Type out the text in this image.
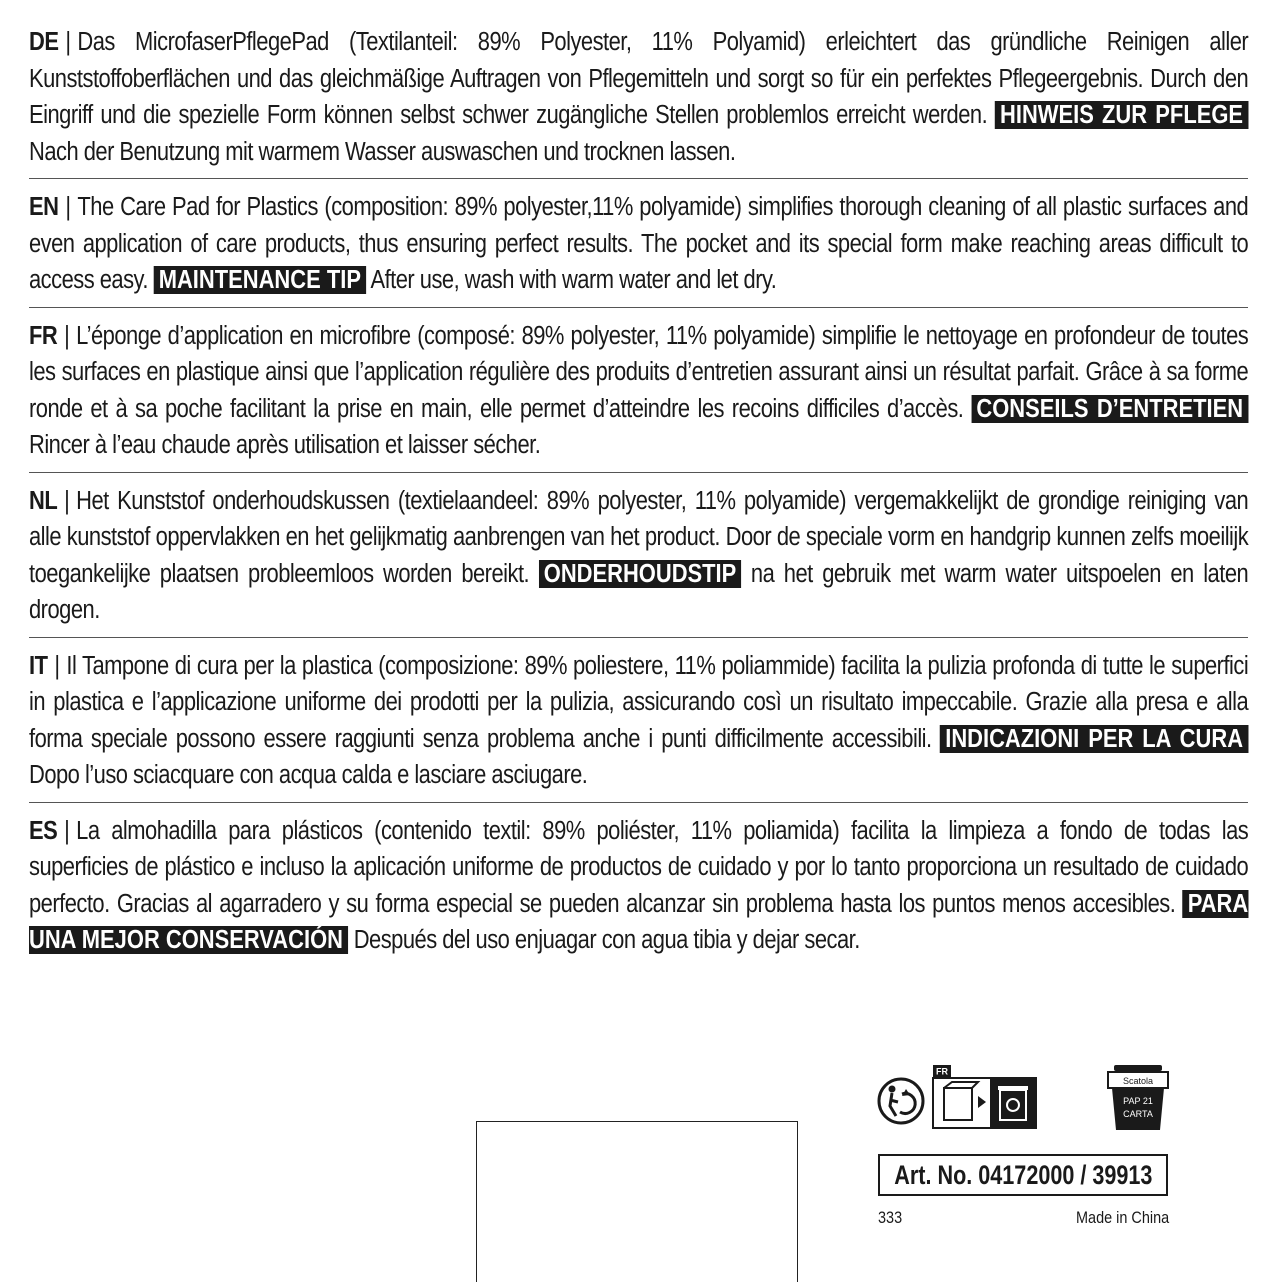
DE | Das MicrofaserPflegePad (Textilanteil: 89% Polyester, 11% Polyamid) erleichtert das gründliche Reinigen aller Kunststoffoberflächen und das gleichmäßige Auftragen von Pflegemitteln und sorgt so für ein perfektes Pflegeergebnis. Durch den Eingriff und die spezielle Form können selbst schwer zugängliche Stellen problemlos erreicht werden. HINWEIS ZUR PFLEGE Nach der Benutzung mit warmem Wasser auswaschen und trocknen lassen.

EN | The Care Pad for Plastics (composition: 89% polyester,11% polyamide) simplifies thorough cleaning of all plastic surfaces and even application of care products, thus ensuring perfect results. The pocket and its special form make reaching areas difficult to access easy. MAINTENANCE TIP After use, wash with warm water and let dry.

FR | L’éponge d’application en microfibre (composé: 89% polyester, 11% polyamide) simplifie le nettoyage en profondeur de toutes les surfaces en plastique ainsi que l’application régulière des produits d’entretien assurant ainsi un résultat parfait. Grâce à sa forme ronde et à sa poche facilitant la prise en main, elle permet d’atteindre les recoins difficiles d’accès. CONSEILS D’ENTRETIEN Rincer à l’eau chaude après utilisation et laisser sécher.

NL | Het Kunststof onderhoudskussen (textielaandeel: 89% polyester, 11% polyamide) vergemakkelijkt de grondige reiniging van alle kunststof oppervlakken en het gelijkmatig aanbrengen van het product. Door de speciale vorm en handgrip kunnen zelfs moeilijk toegankelijke plaatsen probleemloos worden bereikt. ONDERHOUDSTIP na het gebruik met warm water uitspoelen en laten drogen.

IT | Il Tampone di cura per la plastica (composizione: 89% poliestere, 11% poliammide) facilita la pulizia profonda di tutte le superfici in plastica e l’applicazione uniforme dei prodotti per la pulizia, assicurando così un risultato impeccabile. Grazie alla presa e alla forma speciale possono essere raggiunti senza problema anche i punti difficilmente accessibili. INDICAZIONI PER LA CURA Dopo l’uso sciacquare con acqua calda e lasciare asciugare.

ES | La almohadilla para plásticos (contenido textil: 89% poliéster, 11% poliamida) facilita la limpieza a fondo de todas las superficies de plástico e incluso la aplicación uniforme de productos de cuidado y por lo tanto proporciona un resultado de cuidado perfecto. Gracias al agarradero y su forma especial se pueden alcanzar sin problema hasta los puntos menos accesibles. PARA UNA MEJOR CONSERVACIÓN Después del uso enjuagar con agua tibia y dejar secar.

FR
Scatola
PAP 21
CARTA
Art. No. 04172000 / 39913
333	Made in China
